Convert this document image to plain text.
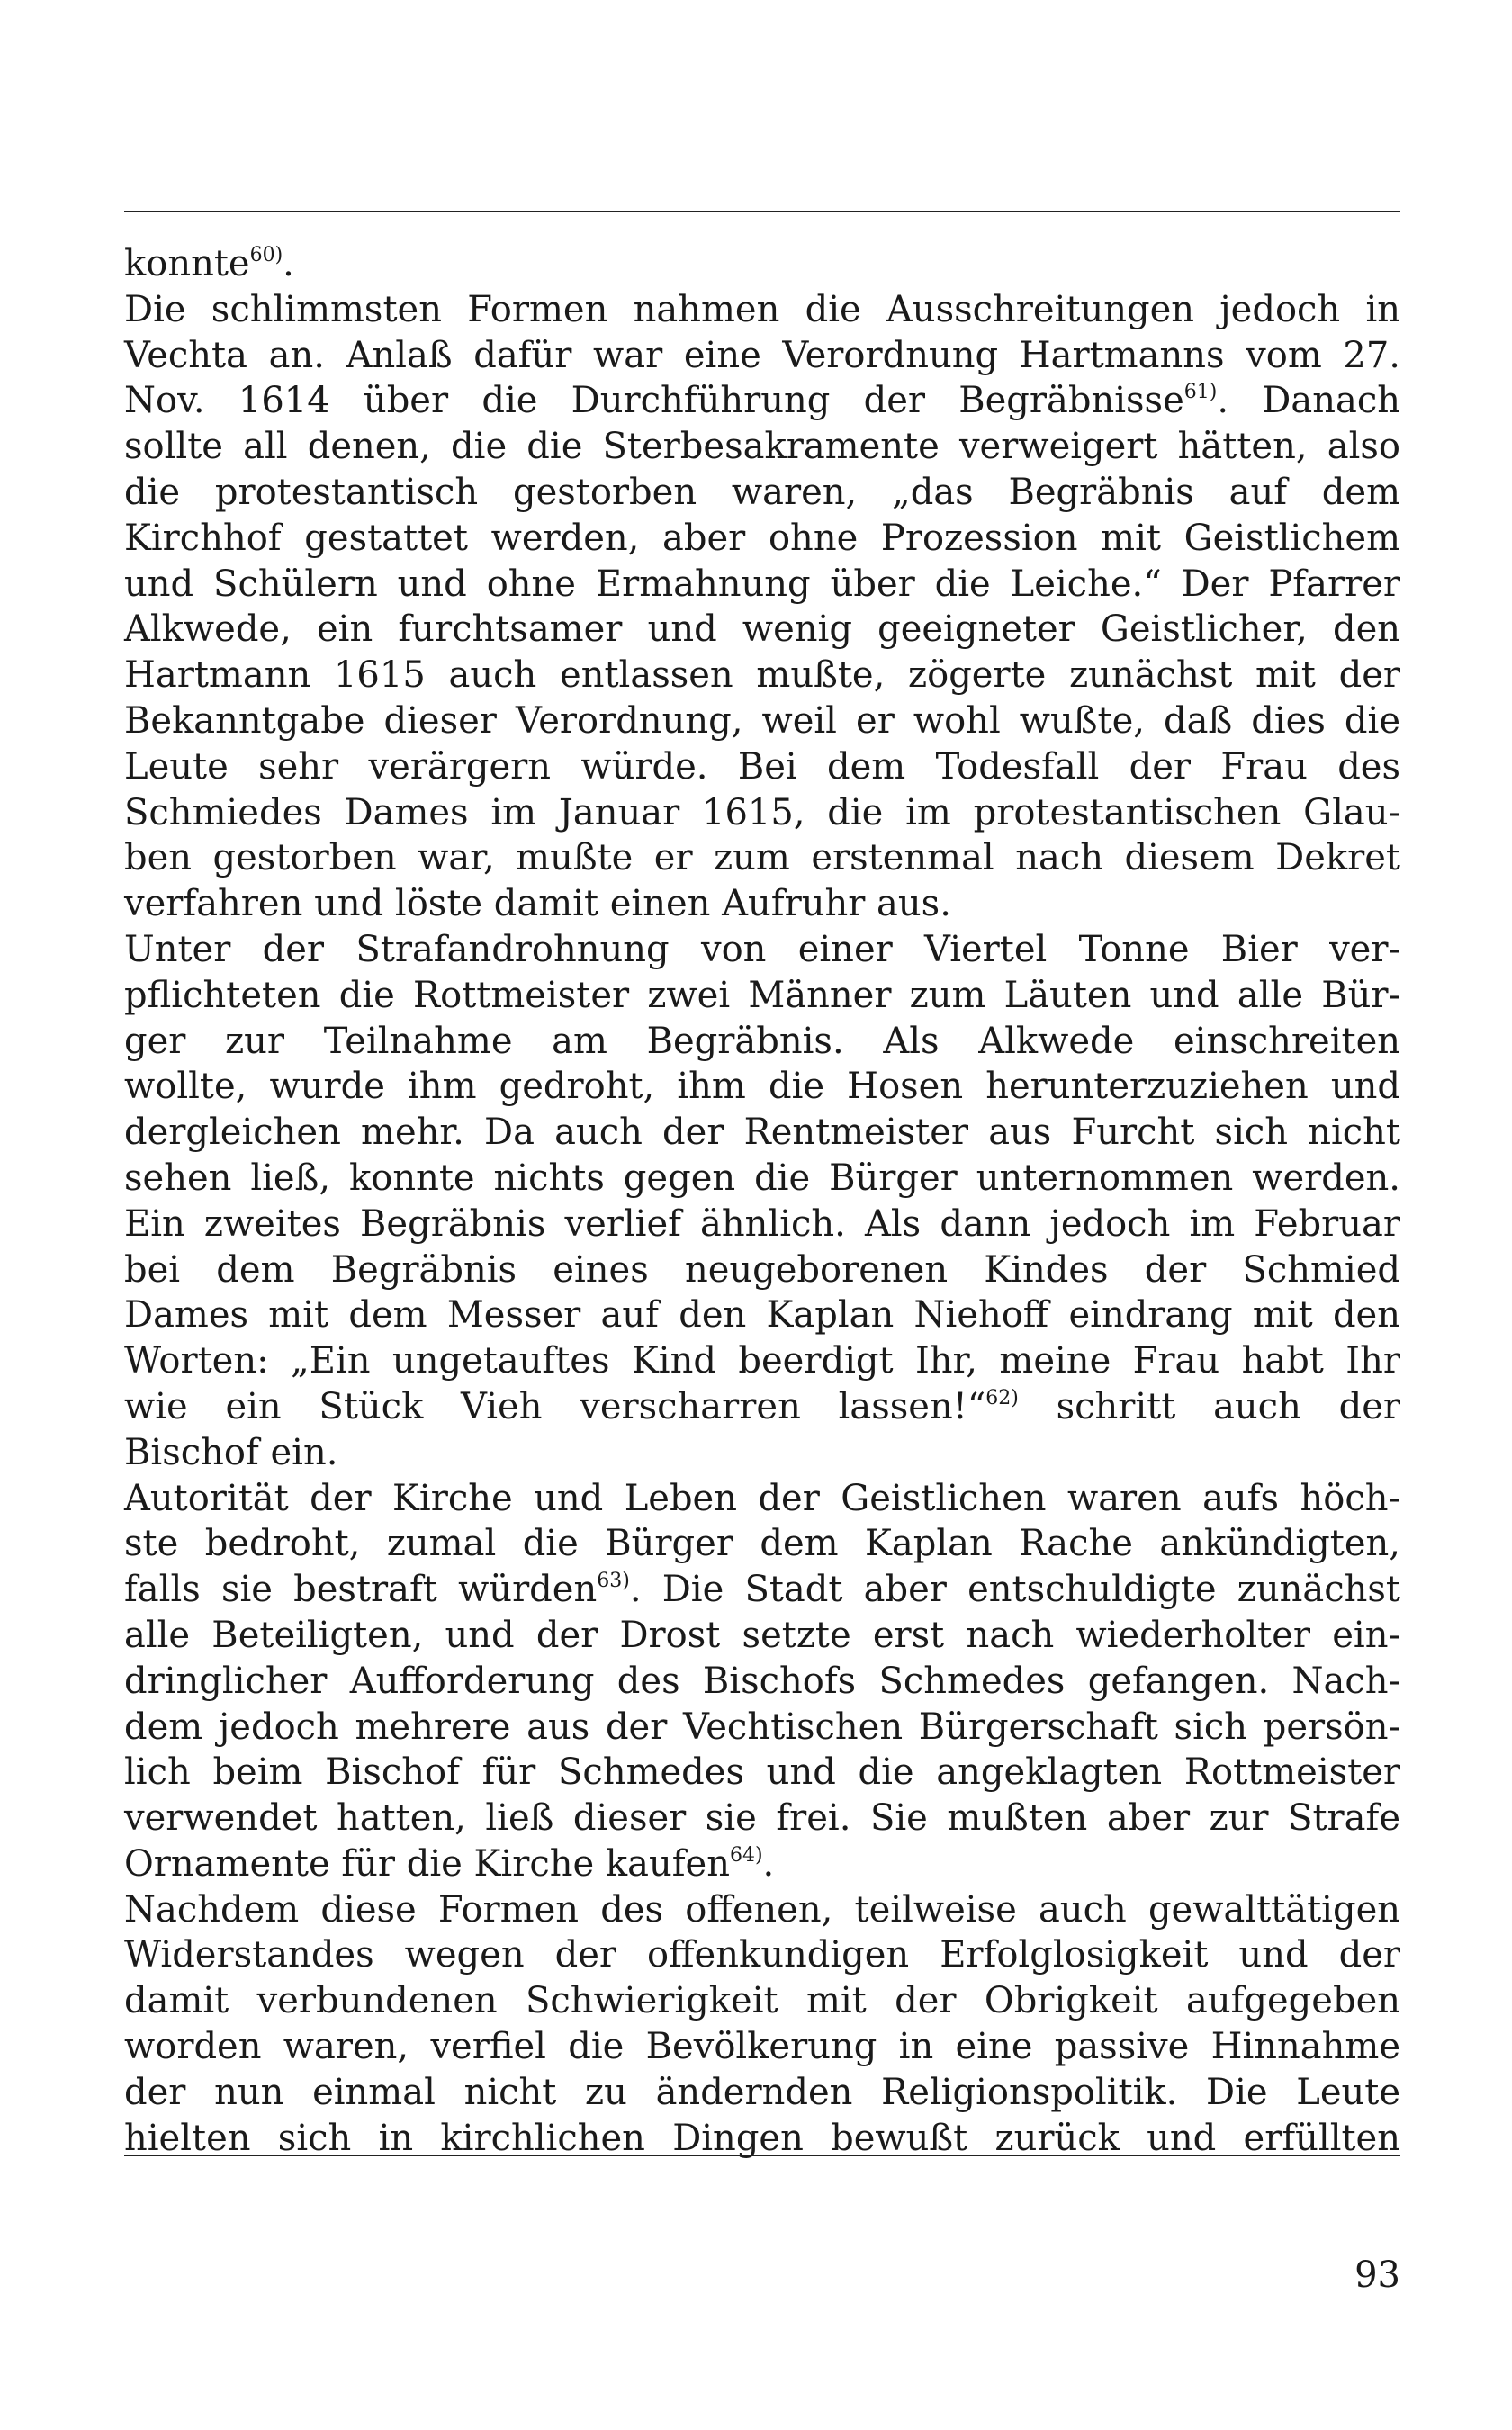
konnte$^{60)}$.
Die schlimmsten Formen nahmen die Ausschreitungen jedoch in
Vechta an. Anlaß dafür war eine Verordnung Hartmanns vom 27.
Nov. 1614 über die Durchführung der Begräbnisse$^{61)}$. Danach
sollte all denen, die die Sterbesakramente verweigert hätten, also
die protestantisch gestorben waren, „das Begräbnis auf dem
Kirchhof gestattet werden, aber ohne Prozession mit Geistlichem
und Schülern und ohne Ermahnung über die Leiche.“ Der Pfarrer
Alkwede, ein furchtsamer und wenig geeigneter Geistlicher, den
Hartmann 1615 auch entlassen mußte, zögerte zunächst mit der
Bekanntgabe dieser Verordnung, weil er wohl wußte, daß dies die
Leute sehr verärgern würde. Bei dem Todesfall der Frau des
Schmiedes Dames im Januar 1615, die im protestantischen Glau-
ben gestorben war, mußte er zum erstenmal nach diesem Dekret
verfahren und löste damit einen Aufruhr aus.
Unter der Strafandrohnung von einer Viertel Tonne Bier ver-
pflichteten die Rottmeister zwei Männer zum Läuten und alle Bür-
ger zur Teilnahme am Begräbnis. Als Alkwede einschreiten
wollte, wurde ihm gedroht, ihm die Hosen herunterzuziehen und
dergleichen mehr. Da auch der Rentmeister aus Furcht sich nicht
sehen ließ, konnte nichts gegen die Bürger unternommen werden.
Ein zweites Begräbnis verlief ähnlich. Als dann jedoch im Februar
bei dem Begräbnis eines neugeborenen Kindes der Schmied
Dames mit dem Messer auf den Kaplan Niehoff eindrang mit den
Worten: „Ein ungetauftes Kind beerdigt Ihr, meine Frau habt Ihr
wie ein Stück Vieh verscharren lassen!“$^{62)}$ schritt auch der
Bischof ein.
Autorität der Kirche und Leben der Geistlichen waren aufs höch-
ste bedroht, zumal die Bürger dem Kaplan Rache ankündigten,
falls sie bestraft würden$^{63)}$. Die Stadt aber entschuldigte zunächst
alle Beteiligten, und der Drost setzte erst nach wiederholter ein-
dringlicher Aufforderung des Bischofs Schmedes gefangen. Nach-
dem jedoch mehrere aus der Vechtischen Bürgerschaft sich persön-
lich beim Bischof für Schmedes und die angeklagten Rottmeister
verwendet hatten, ließ dieser sie frei. Sie mußten aber zur Strafe
Ornamente für die Kirche kaufen$^{64)}$.
Nachdem diese Formen des offenen, teilweise auch gewalttätigen
Widerstandes wegen der offenkundigen Erfolglosigkeit und der
damit verbundenen Schwierigkeit mit der Obrigkeit aufgegeben
worden waren, verfiel die Bevölkerung in eine passive Hinnahme
der nun einmal nicht zu ändernden Religionspolitik. Die Leute
hielten sich in kirchlichen Dingen bewußt zurück und erfüllten
93
